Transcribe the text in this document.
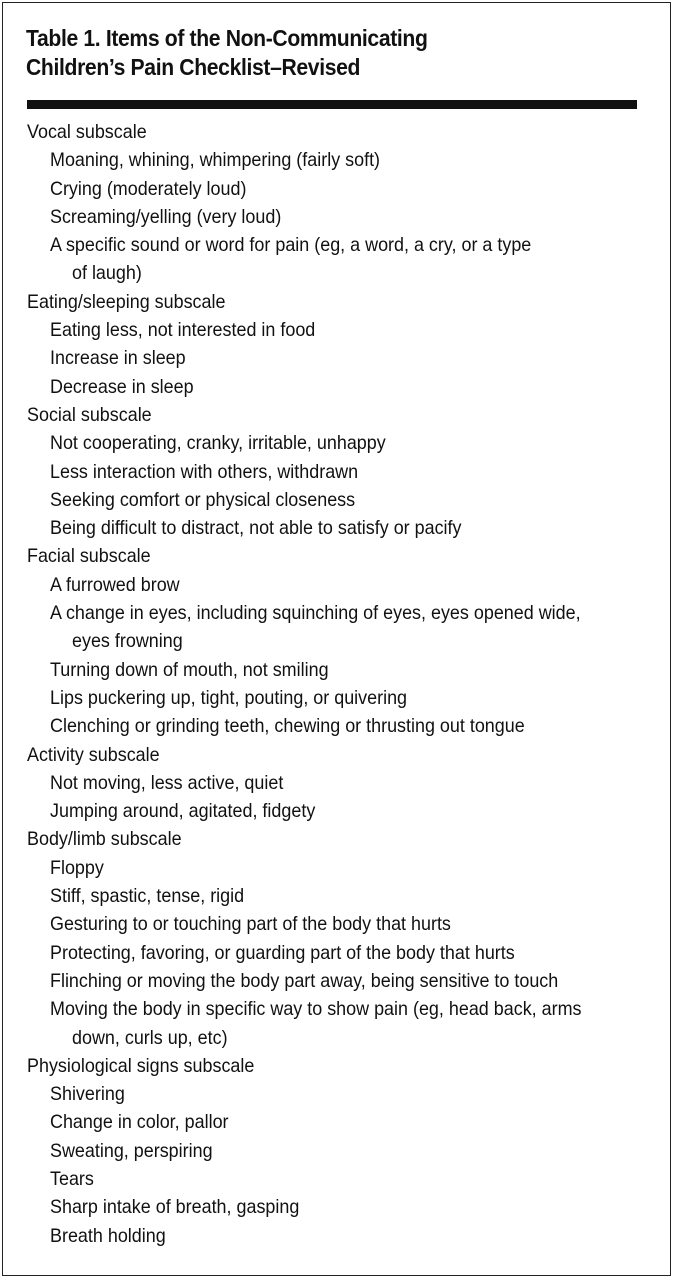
Table 1. Items of the Non-Communicating
Children’s Pain Checklist–Revised
Vocal subscale
Moaning, whining, whimpering (fairly soft)
Crying (moderately loud)
Screaming/yelling (very loud)
A specific sound or word for pain (eg, a word, a cry, or a type
of laugh)
Eating/sleeping subscale
Eating less, not interested in food
Increase in sleep
Decrease in sleep
Social subscale
Not cooperating, cranky, irritable, unhappy
Less interaction with others, withdrawn
Seeking comfort or physical closeness
Being difficult to distract, not able to satisfy or pacify
Facial subscale
A furrowed brow
A change in eyes, including squinching of eyes, eyes opened wide,
eyes frowning
Turning down of mouth, not smiling
Lips puckering up, tight, pouting, or quivering
Clenching or grinding teeth, chewing or thrusting out tongue
Activity subscale
Not moving, less active, quiet
Jumping around, agitated, fidgety
Body/limb subscale
Floppy
Stiff, spastic, tense, rigid
Gesturing to or touching part of the body that hurts
Protecting, favoring, or guarding part of the body that hurts
Flinching or moving the body part away, being sensitive to touch
Moving the body in specific way to show pain (eg, head back, arms
down, curls up, etc)
Physiological signs subscale
Shivering
Change in color, pallor
Sweating, perspiring
Tears
Sharp intake of breath, gasping
Breath holding
